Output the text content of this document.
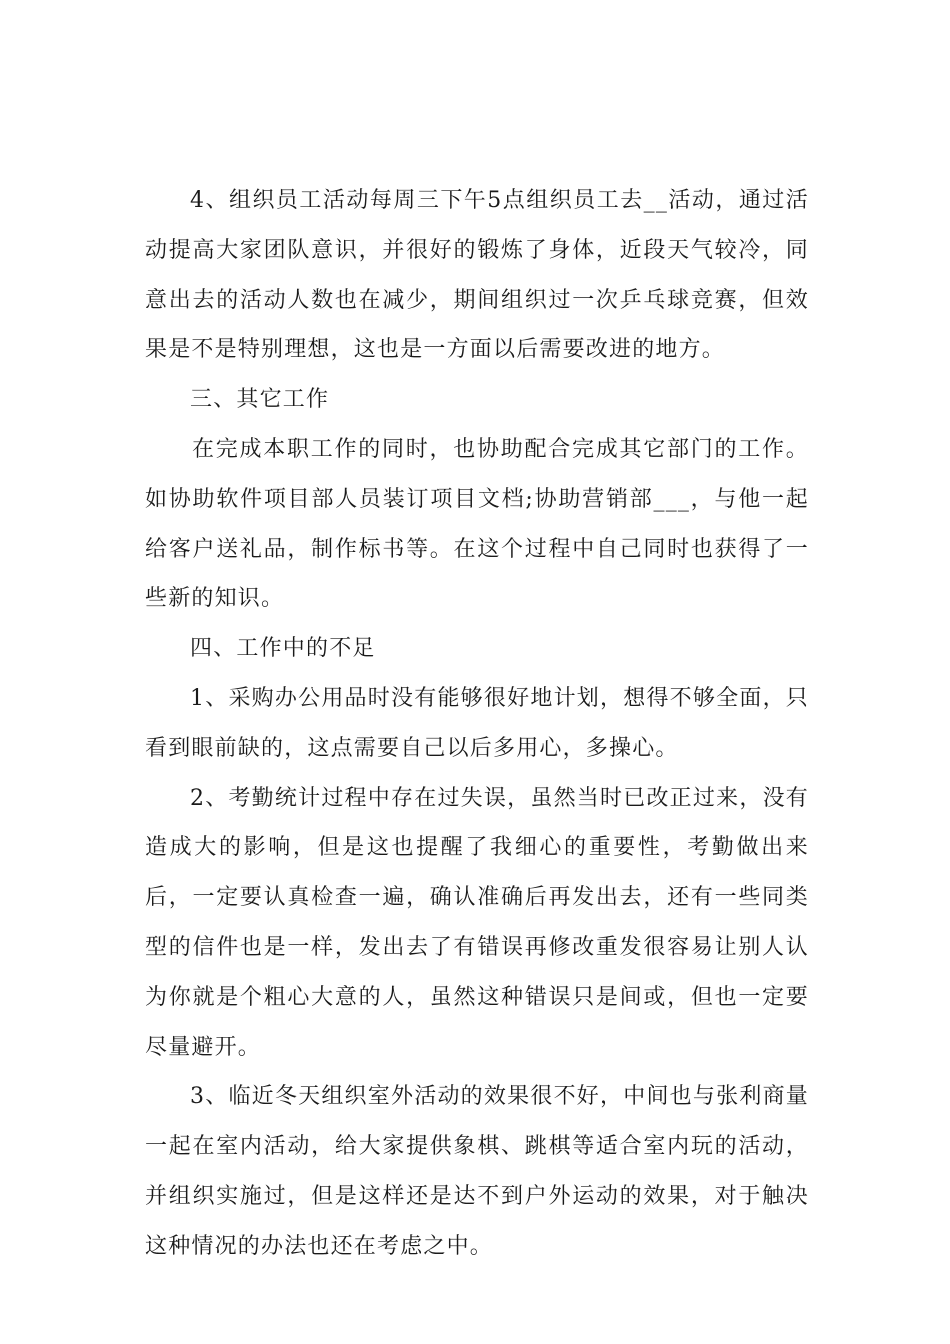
4、组织员工活动每周三下午5点组织员工去__活动，通过活动提高大家团队意识，并很好的锻炼了身体，近段天气较冷，同意出去的活动人数也在减少，期间组织过一次乒乓球竞赛，但效果是不是特别理想，这也是一方面以后需要改进的地方。

三、其它工作

在完成本职工作的同时，也协助配合完成其它部门的工作。如协助软件项目部人员装订项目文档;协助营销部___，与他一起给客户送礼品，制作标书等。在这个过程中自己同时也获得了一些新的知识。

四、工作中的不足

1、采购办公用品时没有能够很好地计划，想得不够全面，只看到眼前缺的，这点需要自己以后多用心，多操心。

2、考勤统计过程中存在过失误，虽然当时已改正过来，没有造成大的影响，但是这也提醒了我细心的重要性，考勤做出来后，一定要认真检查一遍，确认准确后再发出去，还有一些同类型的信件也是一样，发出去了有错误再修改重发很容易让别人认为你就是个粗心大意的人，虽然这种错误只是间或，但也一定要尽量避开。

3、临近冬天组织室外活动的效果很不好，中间也与张利商量一起在室内活动，给大家提供象棋、跳棋等适合室内玩的活动，并组织实施过，但是这样还是达不到户外运动的效果，对于触决这种情况的办法也还在考虑之中。
